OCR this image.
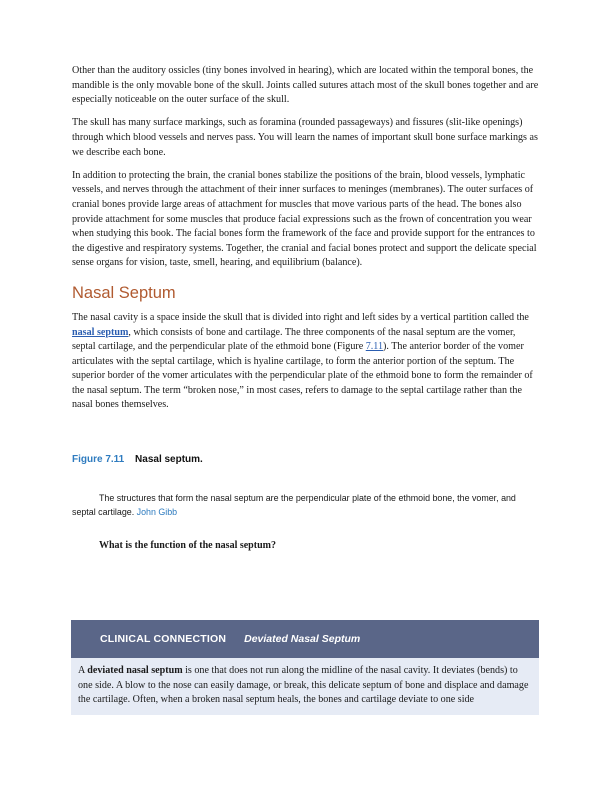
Other than the auditory ossicles (tiny bones involved in hearing), which are located within the temporal bones, the mandible is the only movable bone of the skull. Joints called sutures attach most of the skull bones together and are especially noticeable on the outer surface of the skull.

The skull has many surface markings, such as foramina (rounded passageways) and fissures (slit-like openings) through which blood vessels and nerves pass. You will learn the names of important skull bone surface markings as we describe each bone.

In addition to protecting the brain, the cranial bones stabilize the positions of the brain, blood vessels, lymphatic vessels, and nerves through the attachment of their inner surfaces to meninges (membranes). The outer surfaces of cranial bones provide large areas of attachment for muscles that move various parts of the head. The bones also provide attachment for some muscles that produce facial expressions such as the frown of concentration you wear when studying this book. The facial bones form the framework of the face and provide support for the entrances to the digestive and respiratory systems. Together, the cranial and facial bones protect and support the delicate special sense organs for vision, taste, smell, hearing, and equilibrium (balance).

Nasal Septum

The nasal cavity is a space inside the skull that is divided into right and left sides by a vertical partition called the nasal septum, which consists of bone and cartilage. The three components of the nasal septum are the vomer, septal cartilage, and the perpendicular plate of the ethmoid bone (Figure 7.11). The anterior border of the vomer articulates with the septal cartilage, which is hyaline cartilage, to form the anterior portion of the septum. The superior border of the vomer articulates with the perpendicular plate of the ethmoid bone to form the remainder of the nasal septum. The term “broken nose,” in most cases, refers to damage to the septal cartilage rather than the nasal bones themselves.

Figure 7.11 Nasal septum.
The structures that form the nasal septum are the perpendicular plate of the ethmoid bone, the vomer, and septal cartilage. John Gibb
What is the function of the nasal septum?
CLINICAL CONNECTION Deviated Nasal Septum
A deviated nasal septum is one that does not run along the midline of the nasal cavity. It deviates (bends) to one side. A blow to the nose can easily damage, or break, this delicate septum of bone and displace and damage the cartilage. Often, when a broken nasal septum heals, the bones and cartilage deviate to one side
